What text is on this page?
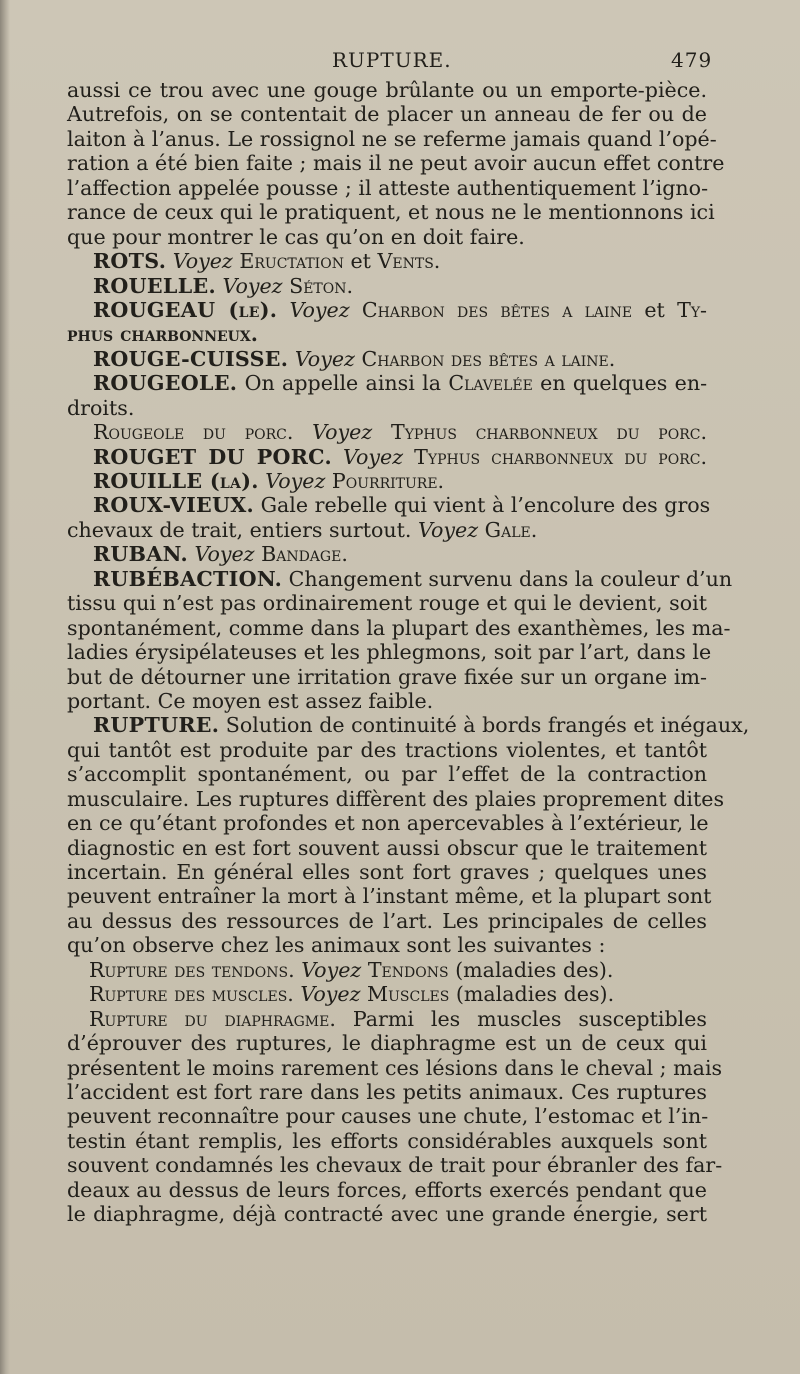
RUPTURE.	479
aussi ce trou avec une gouge brûlante ou un emporte-pièce.
Autrefois, on se contentait de placer un anneau de fer ou de
laiton à l’anus. Le rossignol ne se referme jamais quand l’opé-
ration a été bien faite ; mais il ne peut avoir aucun effet contre
l’affection appelée pousse ; il atteste authentiquement l’igno-
rance de ceux qui le pratiquent, et nous ne le mentionnons ici
que pour montrer le cas qu’on en doit faire.
ROTS. Voyez Eructation et Vents.
ROUELLE. Voyez Séton.
ROUGEAU (le). Voyez Charbon des bêtes a laine et Ty-
phus charbonneux.
ROUGE-CUISSE. Voyez Charbon des bêtes a laine.
ROUGEOLE. On appelle ainsi la Clavelée en quelques en-
droits.
Rougeole du porc. Voyez Typhus charbonneux du porc.
ROUGET DU PORC. Voyez Typhus charbonneux du porc.
ROUILLE (la). Voyez Pourriture.
ROUX-VIEUX. Gale rebelle qui vient à l’encolure des gros
chevaux de trait, entiers surtout. Voyez Gale.
RUBAN. Voyez Bandage.
RUBÉBACTION. Changement survenu dans la couleur d’un
tissu qui n’est pas ordinairement rouge et qui le devient, soit
spontanément, comme dans la plupart des exanthèmes, les ma-
ladies érysipélateuses et les phlegmons, soit par l’art, dans le
but de détourner une irritation grave fixée sur un organe im-
portant. Ce moyen est assez faible.
RUPTURE. Solution de continuité à bords frangés et inégaux,
qui tantôt est produite par des tractions violentes, et tantôt
s’accomplit spontanément, ou par l’effet de la contraction
musculaire. Les ruptures diffèrent des plaies proprement dites
en ce qu’étant profondes et non apercevables à l’extérieur, le
diagnostic en est fort souvent aussi obscur que le traitement
incertain. En général elles sont fort graves ; quelques unes
peuvent entraîner la mort à l’instant même, et la plupart sont
au dessus des ressources de l’art. Les principales de celles
qu’on observe chez les animaux sont les suivantes :
Rupture des tendons. Voyez Tendons (maladies des).
Rupture des muscles. Voyez Muscles (maladies des).
Rupture du diaphragme. Parmi les muscles susceptibles
d’éprouver des ruptures, le diaphragme est un de ceux qui
présentent le moins rarement ces lésions dans le cheval ; mais
l’accident est fort rare dans les petits animaux. Ces ruptures
peuvent reconnaître pour causes une chute, l’estomac et l’in-
testin étant remplis, les efforts considérables auxquels sont
souvent condamnés les chevaux de trait pour ébranler des far-
deaux au dessus de leurs forces, efforts exercés pendant que
le diaphragme, déjà contracté avec une grande énergie, sert
